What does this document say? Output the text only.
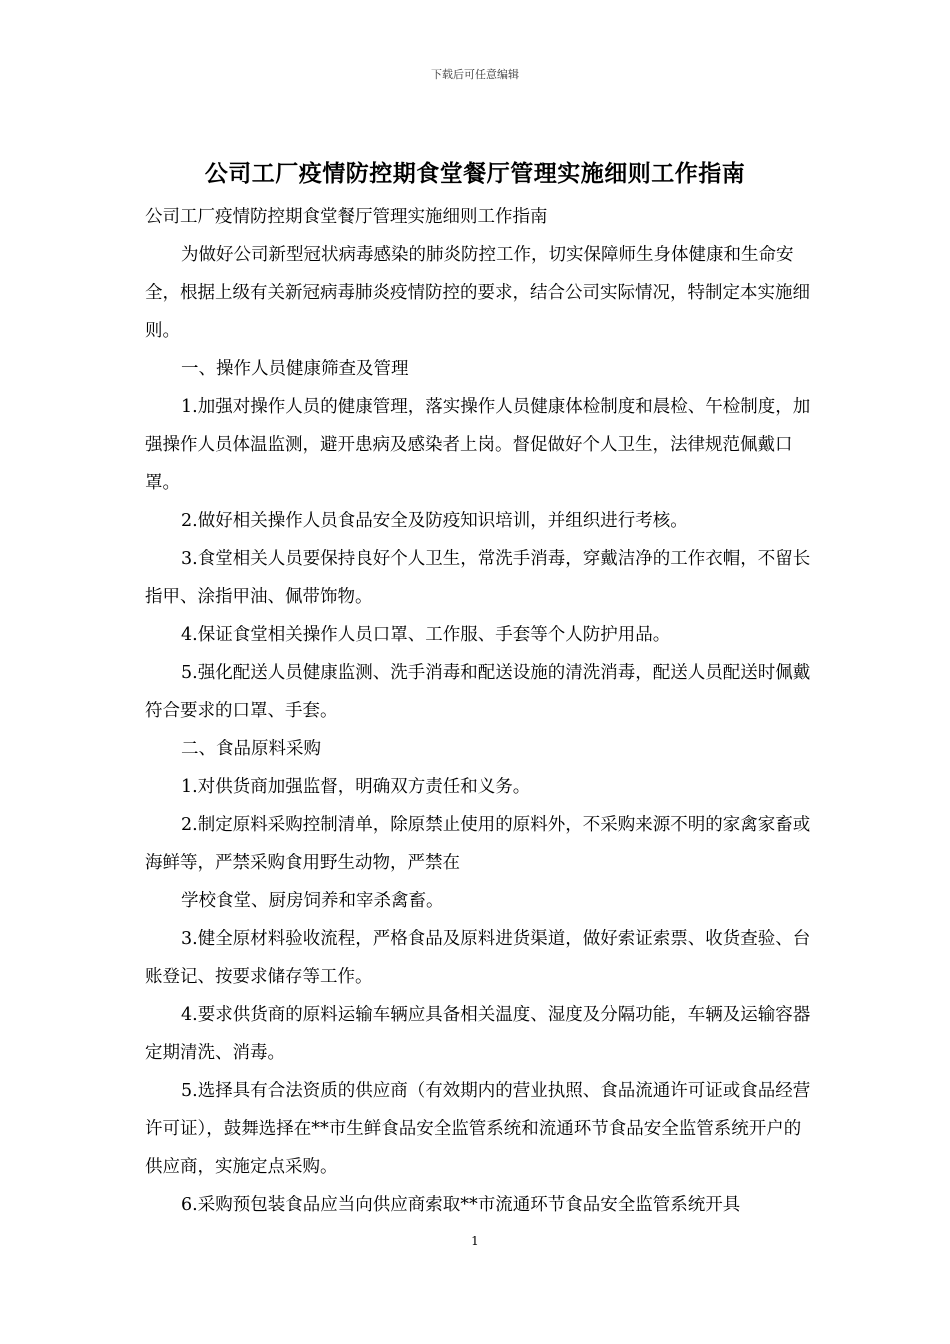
下载后可任意编辑
公司工厂疫情防控期食堂餐厅管理实施细则工作指南

公司工厂疫情防控期食堂餐厅管理实施细则工作指南

为做好公司新型冠状病毒感染的肺炎防控工作，切实保障师生身体健康和生命安全，根据上级有关新冠病毒肺炎疫情防控的要求，结合公司实际情况，特制定本实施细则。

一、操作人员健康筛查及管理

1.加强对操作人员的健康管理，落实操作人员健康体检制度和晨检、午检制度，加强操作人员体温监测，避开患病及感染者上岗。督促做好个人卫生，法律规范佩戴口罩。

2.做好相关操作人员食品安全及防疫知识培训，并组织进行考核。

3.食堂相关人员要保持良好个人卫生，常洗手消毒，穿戴洁净的工作衣帽，不留长指甲、涂指甲油、佩带饰物。

4.保证食堂相关操作人员口罩、工作服、手套等个人防护用品。

5.强化配送人员健康监测、洗手消毒和配送设施的清洗消毒，配送人员配送时佩戴符合要求的口罩、手套。

二、食品原料采购

1.对供货商加强监督，明确双方责任和义务。

2.制定原料采购控制清单，除原禁止使用的原料外，不采购来源不明的家禽家畜或海鲜等，严禁采购食用野生动物，严禁在

学校食堂、厨房饲养和宰杀禽畜。

3.健全原材料验收流程，严格食品及原料进货渠道，做好索证索票、收货查验、台账登记、按要求储存等工作。

4.要求供货商的原料运输车辆应具备相关温度、湿度及分隔功能，车辆及运输容器定期清洗、消毒。

5.选择具有合法资质的供应商（有效期内的营业执照、食品流通许可证或食品经营许可证），鼓舞选择在**市生鲜食品安全监管系统和流通环节食品安全监管系统开户的供应商，实施定点采购。

6.采购预包装食品应当向供应商索取**市流通环节食品安全监管系统开具

1
